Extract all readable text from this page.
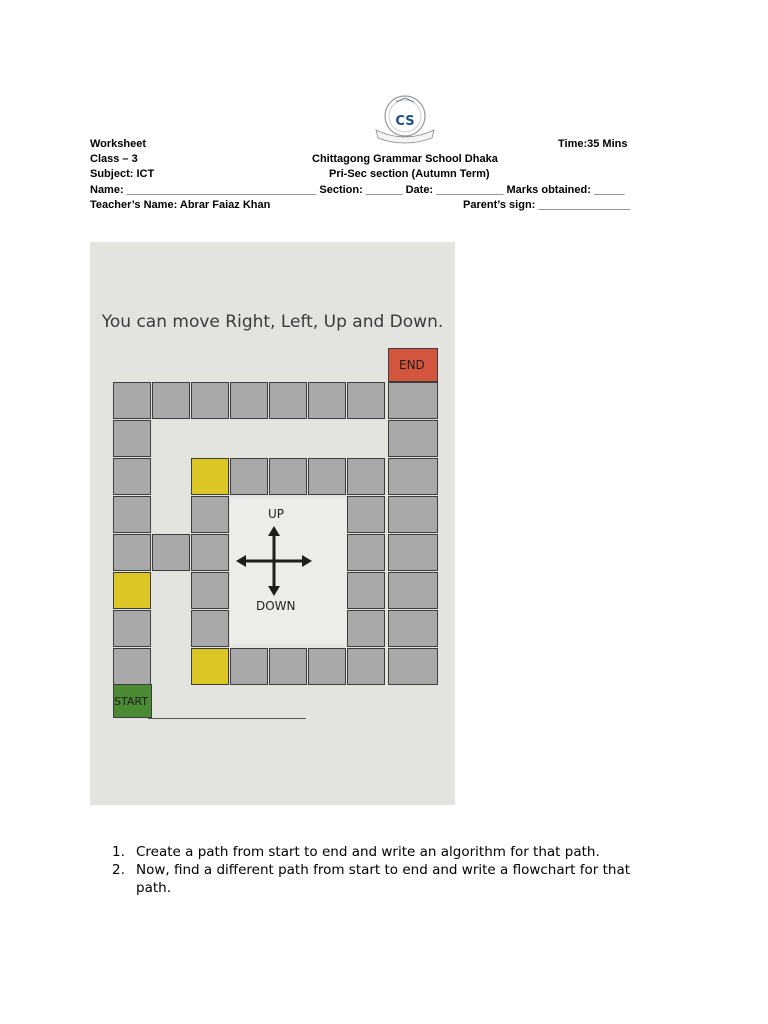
Worksheet	Time:35 Mins
Class – 3	Chittagong Grammar School Dhaka
Subject: ICT	Pri-Sec section (Autumn Term)
Name: _______________________________ Section: ______ Date: ___________ Marks obtained: _____
Teacher’s Name: Abrar Faiaz Khan	Parent’s sign: _______________
CS
You can move Right, Left, Up and Down.
END
START
UP
DOWN
1. Create a path from start to end and write an algorithm for that path.
2. Now, find a different path from start to end and write a flowchart for that path.
